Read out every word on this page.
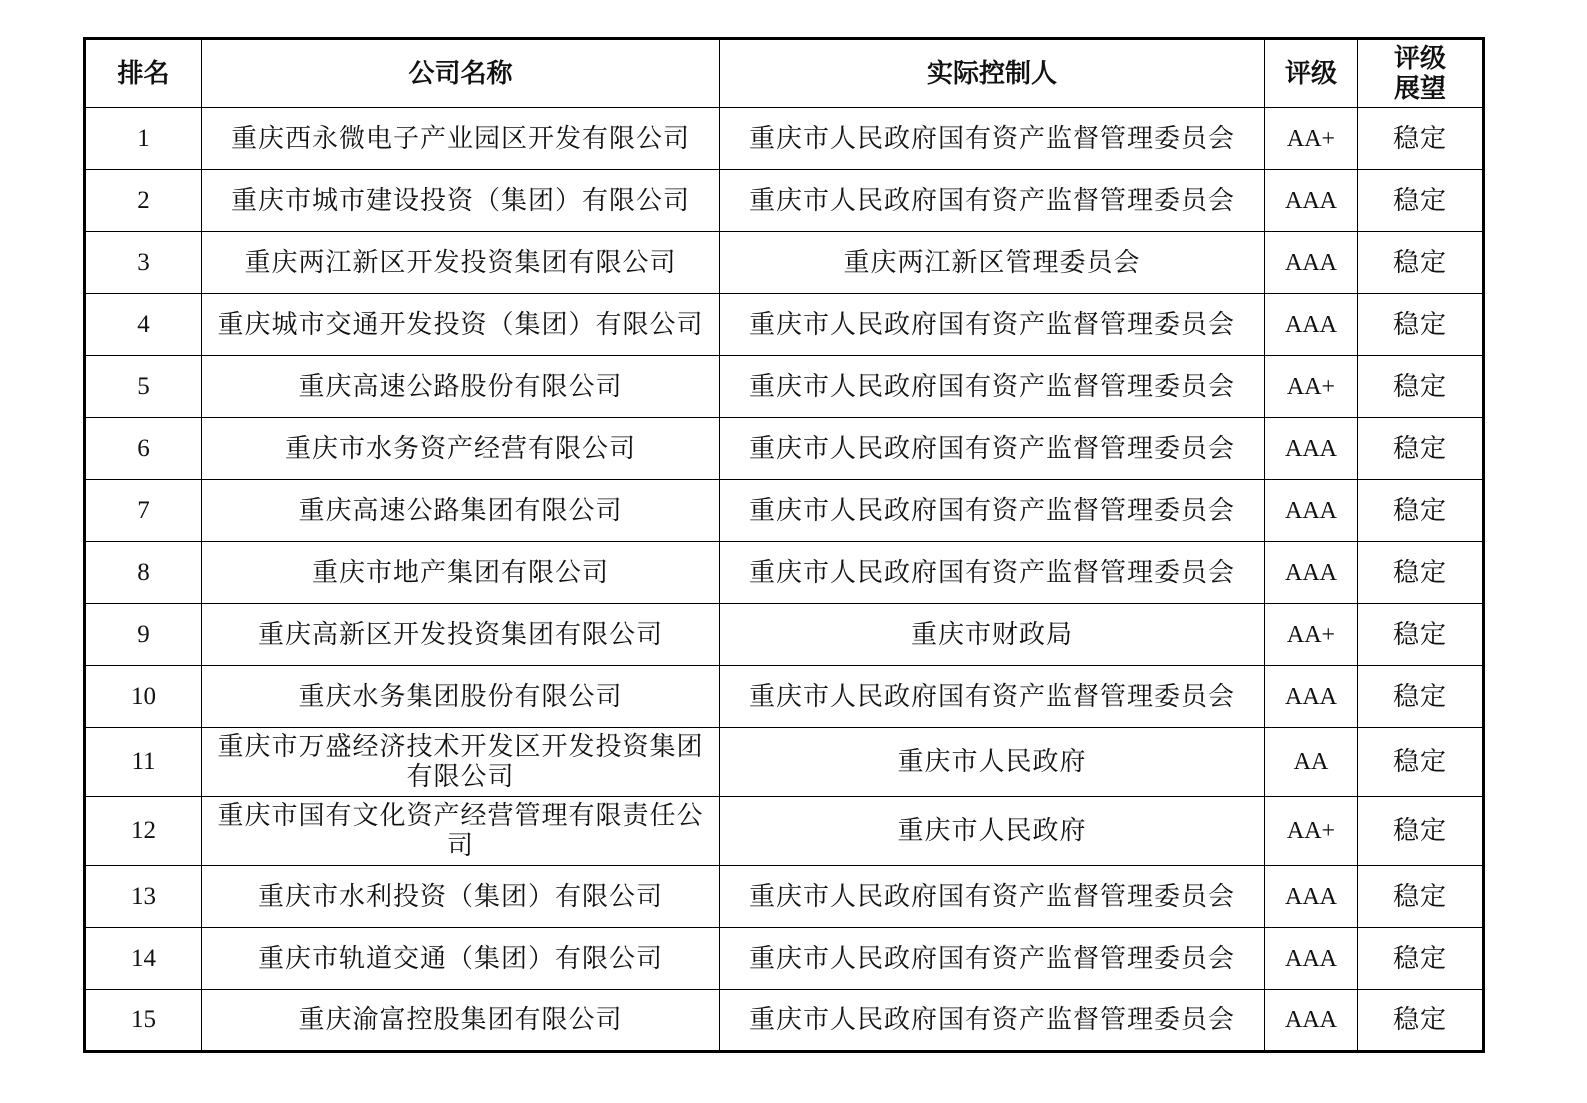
排名	公司名称	实际控制人	评级	评级展望
1	重庆西永微电子产业园区开发有限公司	重庆市人民政府国有资产监督管理委员会	AA+	稳定
2	重庆市城市建设投资（集团）有限公司	重庆市人民政府国有资产监督管理委员会	AAA	稳定
3	重庆两江新区开发投资集团有限公司	重庆两江新区管理委员会	AAA	稳定
4	重庆城市交通开发投资（集团）有限公司	重庆市人民政府国有资产监督管理委员会	AAA	稳定
5	重庆高速公路股份有限公司	重庆市人民政府国有资产监督管理委员会	AA+	稳定
6	重庆市水务资产经营有限公司	重庆市人民政府国有资产监督管理委员会	AAA	稳定
7	重庆高速公路集团有限公司	重庆市人民政府国有资产监督管理委员会	AAA	稳定
8	重庆市地产集团有限公司	重庆市人民政府国有资产监督管理委员会	AAA	稳定
9	重庆高新区开发投资集团有限公司	重庆市财政局	AA+	稳定
10	重庆水务集团股份有限公司	重庆市人民政府国有资产监督管理委员会	AAA	稳定
11	重庆市万盛经济技术开发区开发投资集团有限公司	重庆市人民政府	AA	稳定
12	重庆市国有文化资产经营管理有限责任公司	重庆市人民政府	AA+	稳定
13	重庆市水利投资（集团）有限公司	重庆市人民政府国有资产监督管理委员会	AAA	稳定
14	重庆市轨道交通（集团）有限公司	重庆市人民政府国有资产监督管理委员会	AAA	稳定
15	重庆渝富控股集团有限公司	重庆市人民政府国有资产监督管理委员会	AAA	稳定
